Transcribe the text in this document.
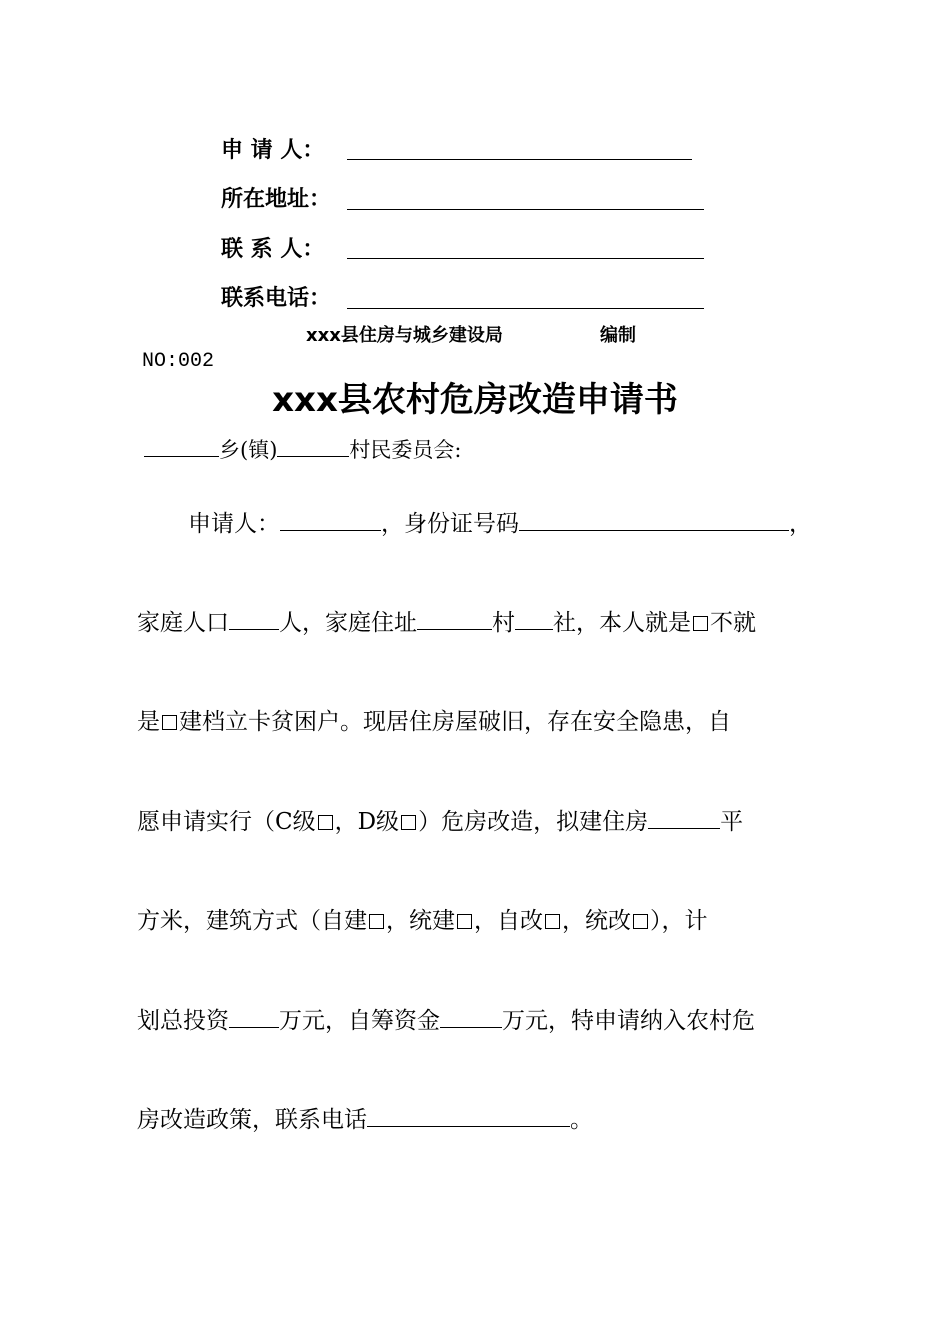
申 请 人：
所在地址：
联 系 人：
联系电话：
xxx县住房与城乡建设局	编制
NO:002
xxx县农村危房改造申请书
乡(镇)	村民委员会:
申请人：	，身份证号码	，
家庭人口 人，家庭住址	村 社，本人就是 不就
是 建档立卡贫困户。现居住房屋破旧，存在安全隐患，自
愿申请实行（C级 ，D级 ）危房改造，拟建住房	平
方米，建筑方式（自建 ，统建 ，自改 ，统改 ），计
划总投资 万元，自筹资金	万元，特申请纳入农村危
房改造政策，联系电话	。
